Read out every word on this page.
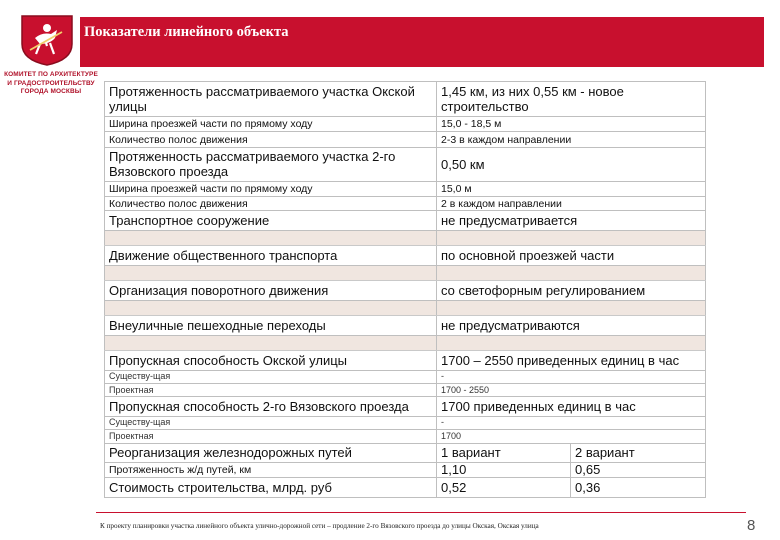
КОМИТЕТ ПО АРХИТЕКТУРЕ
И ГРАДОСТРОИТЕЛЬСТВУ
ГОРОДА МОСКВЫ
Показатели линейного объекта
Протяженность рассматриваемого участка Окской улицы	1,45 км, из них 0,55 км - новое строительство	
Ширина проезжей части по прямому ходу	15,0 - 18,5 м	
Количество полос движения	2-3 в каждом направлении	
Протяженность рассматриваемого участка 2-го Вязовского проезда	0,50 км	
Ширина проезжей части по прямому ходу	15,0 м	
Количество полос движения	2 в каждом направлении	
Транспортное сооружение	не предусматривается	

Движение общественного транспорта	по основной проезжей части	

Организация поворотного движения	со светофорным регулированием	

Внеуличные пешеходные переходы	не предусматриваются	

Пропускная способность Окской улицы	1700 – 2550 приведенных единиц в час	
Существу-щая	-	
Проектная	1700 - 2550	
Пропускная способность 2-го Вязовского проезда	1700 приведенных единиц в час	
Существу-щая	-	
Проектная	1700	
Реорганизация железнодорожных путей	1 вариант	2 вариант
Протяженность ж/д путей, км	1,10	0,65
Стоимость строительства, млрд. руб	0,52	0,36
К проекту планировки участка линейного объекта улично-дорожной сети – продление 2-го Вязовского проезда до улицы Окская, Окская улица	8
